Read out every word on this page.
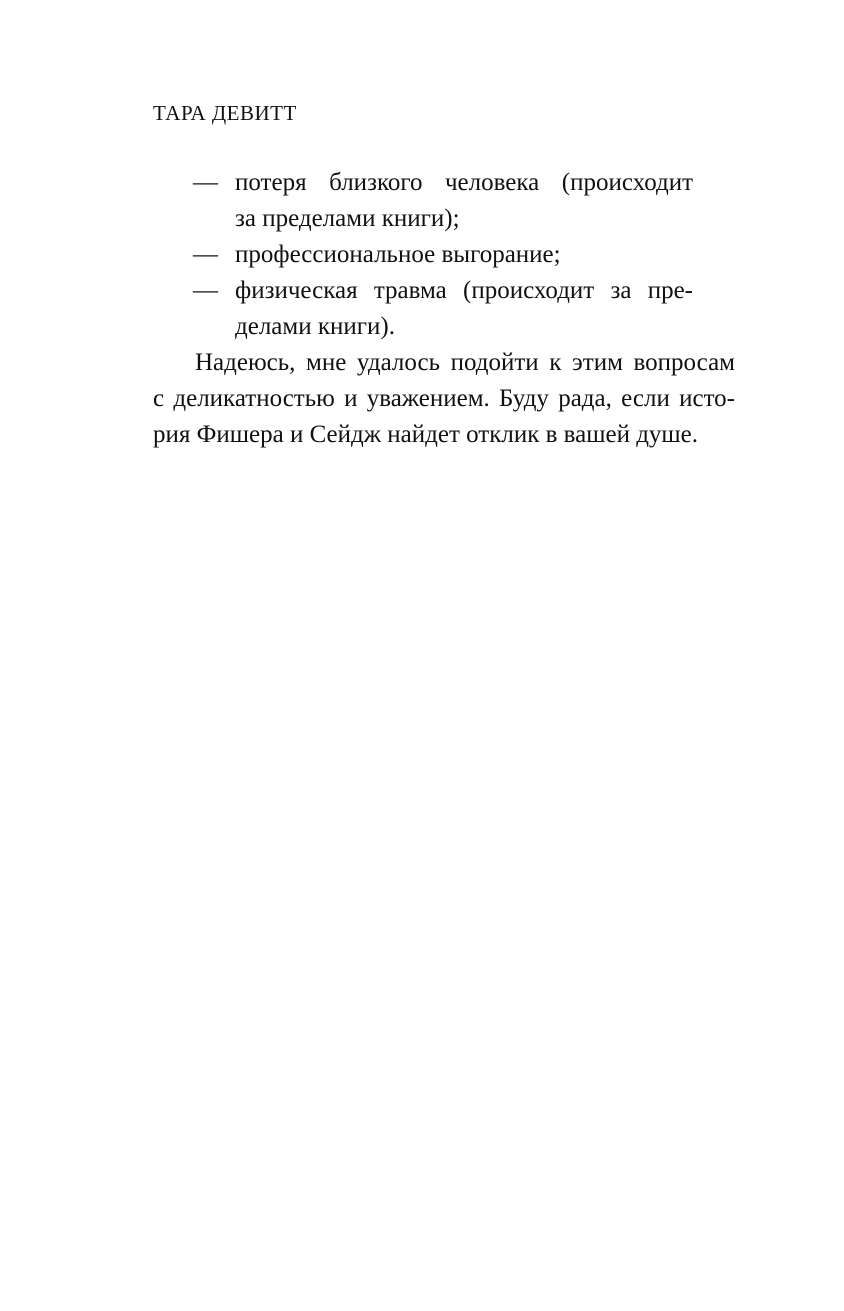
ТАРА ДЕВИТТ
— потеря близкого человека (происходит
за пределами книги);
— профессиональное выгорание;
— физическая травма (происходит за пре-
делами книги).

Надеюсь, мне удалось подойти к этим вопросам
с деликатностью и уважением. Буду рада, если исто-
рия Фишера и Сейдж найдет отклик в вашей душе.
